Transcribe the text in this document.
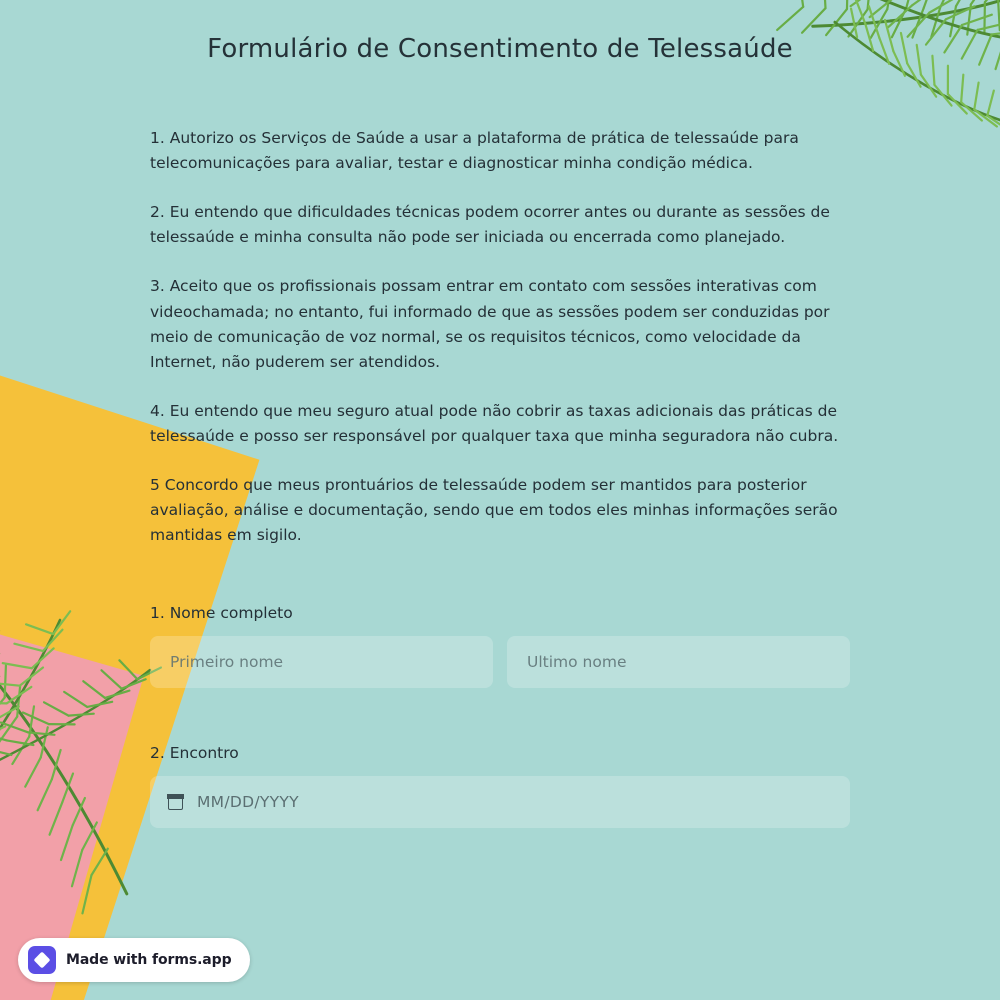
Formulário de Consentimento de Telessaúde

1. Autorizo os Serviços de Saúde a usar a plataforma de prática de telessaúde para telecomunicações para avaliar, testar e diagnosticar minha condição médica.

2. Eu entendo que dificuldades técnicas podem ocorrer antes ou durante as sessões de telessaúde e minha consulta não pode ser iniciada ou encerrada como planejado.

3. Aceito que os profissionais possam entrar em contato com sessões interativas com videochamada; no entanto, fui informado de que as sessões podem ser conduzidas por meio de comunicação de voz normal, se os requisitos técnicos, como velocidade da Internet, não puderem ser atendidos.

4. Eu entendo que meu seguro atual pode não cobrir as taxas adicionais das práticas de telessaúde e posso ser responsável por qualquer taxa que minha seguradora não cubra.

5 Concordo que meus prontuários de telessaúde podem ser mantidos para posterior avaliação, análise e documentação, sendo que em todos eles minhas informações serão mantidas em sigilo.

1. Nome completo
Primeiro nome
Ultimo nome
2. Encontro
MM/DD/YYYY
Made with forms.app
